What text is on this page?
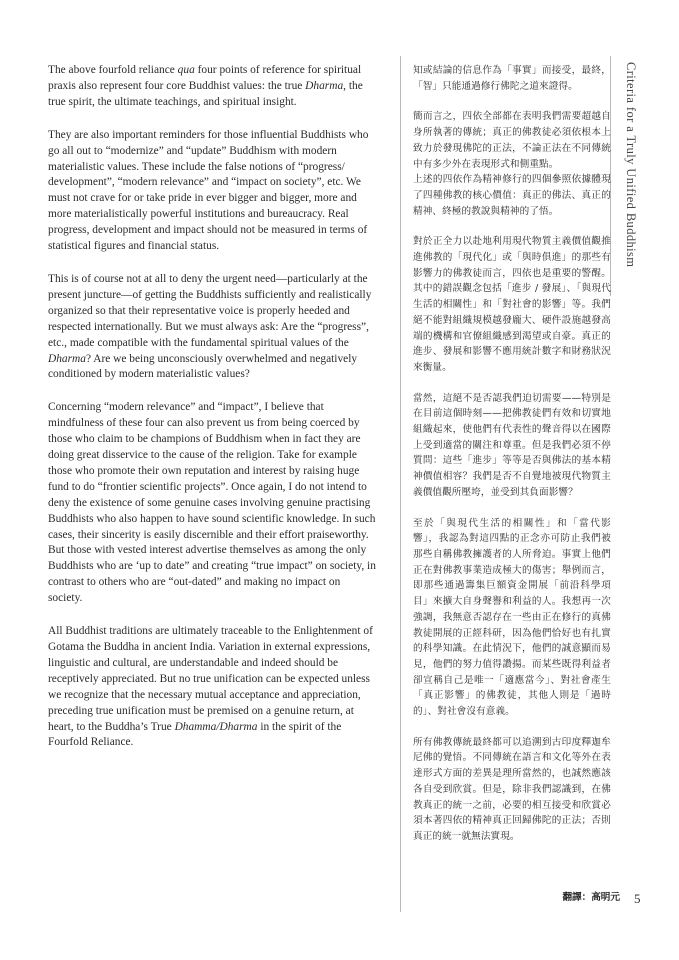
The above fourfold reliance qua four points of reference for spiritual praxis also represent four core Buddhist values: the true Dharma, the true spirit, the ultimate teachings, and spiritual insight.

They are also important reminders for those influential Buddhists who go all out to “modernize” and “update” Buddhism with modern materialistic values. These include the false notions of “progress/ development”, “modern relevance” and “impact on society”, etc. We must not crave for or take pride in ever bigger and bigger, more and more materialistically powerful institutions and bureaucracy. Real progress, development and impact should not be measured in terms of statistical figures and financial status.

This is of course not at all to deny the urgent need—particularly at the present juncture—of getting the Buddhists sufficiently and realistically organized so that their representative voice is properly heeded and respected internationally. But we must always ask: Are the “progress”, etc., made compatible with the fundamental spiritual values of the Dharma? Are we being unconsciously overwhelmed and negatively conditioned by modern materialistic values?

Concerning “modern relevance” and “impact”, I believe that mindfulness of these four can also prevent us from being coerced by those who claim to be champions of Buddhism when in fact they are doing great disservice to the cause of the religion. Take for example those who promote their own reputation and interest by raising huge fund to do “frontier scientific projects”. Once again, I do not intend to deny the existence of some genuine cases involving genuine practising Buddhists who also happen to have sound scientific knowledge. In such cases, their sincerity is easily discernible and their effort praiseworthy. But those with vested interest advertise themselves as among the only Buddhists who are ‘up to date” and creating “true impact” on society, in contrast to others who are “out-dated” and making no impact on society.

All Buddhist traditions are ultimately traceable to the Enlightenment of Gotama the Buddha in ancient India. Variation in external expressions, linguistic and cultural, are understandable and indeed should be receptively appreciated. But no true unification can be expected unless we recognize that the necessary mutual acceptance and appreciation, preceding true unification must be premised on a genuine return, at heart, to the Buddha’s True Dhamma/Dharma in the spirit of the Fourfold Reliance.

知或結論的信息作為「事實」而接受，最終，「智」只能通過修行佛陀之道來證得。

簡而言之，四依全部都在表明我們需要超越自身所執著的傳統；真正的佛教徒必須依根本上致力於發現佛陀的正法，不論正法在不同傳統中有多少外在表現形式和側重點。

上述的四依作為精神修行的四個參照依據體現了四種佛教的核心價值：真正的佛法、真正的精神、終極的教說與精神的了悟。

對於正全力以赴地利用現代物質主義價值觀推進佛教的「現代化」或「與時俱進」的那些有影響力的佛教徒而言，四依也是重要的警醒。其中的錯誤觀念包括「進步 / 發展」、「與現代生活的相關性」和「對社會的影響」等。我們絕不能對組織規模越發龐大、硬件設施越發高端的機構和官僚組織感到渴望或自豪。真正的進步、發展和影響不應用統計數字和財務狀況來衡量。

當然，這絕不是否認我們迫切需要——特別是在目前這個時刻——把佛教徒們有效和切實地組織起來，使他們有代表性的聲音得以在國際上受到適當的關注和尊重。但是我們必須不停質問：這些「進步」等等是否與佛法的基本精神價值相容？我們是否不自覺地被現代物質主義價值觀所壓垮，並受到其負面影響？

至於「與現代生活的相關性」和「當代影響」，我認為對這四點的正念亦可防止我們被那些自稱佛教擁護者的人所脅迫。事實上他們正在對佛教事業造成極大的傷害；舉例而言，即那些通過籌集巨額資金開展「前沿科學項目」來擴大自身聲譽和利益的人。我想再一次強調，我無意否認存在一些由正在修行的真佛教徒開展的正經科研，因為他們恰好也有扎實的科學知識。在此情況下，他們的誠意顯而易見，他們的努力值得讚揚。而某些既得利益者卻宣稱自己是唯一「適應當今」、對社會產生「真正影響」的佛教徒，其他人則是「過時的」、對社會沒有意義。

所有佛教傳統最終都可以追溯到古印度釋迦牟尼佛的覺悟。不同傳統在語言和文化等外在表達形式方面的差異是理所當然的，也誠然應該各自受到欣賞。但是，除非我們認識到，在佛教真正的統一之前，必要的相互接受和欣賞必須本著四依的精神真正回歸佛陀的正法；否則真正的統一就無法實現。

翻譯：高明元
Criteria for a Truly Unified Buddhism
5
